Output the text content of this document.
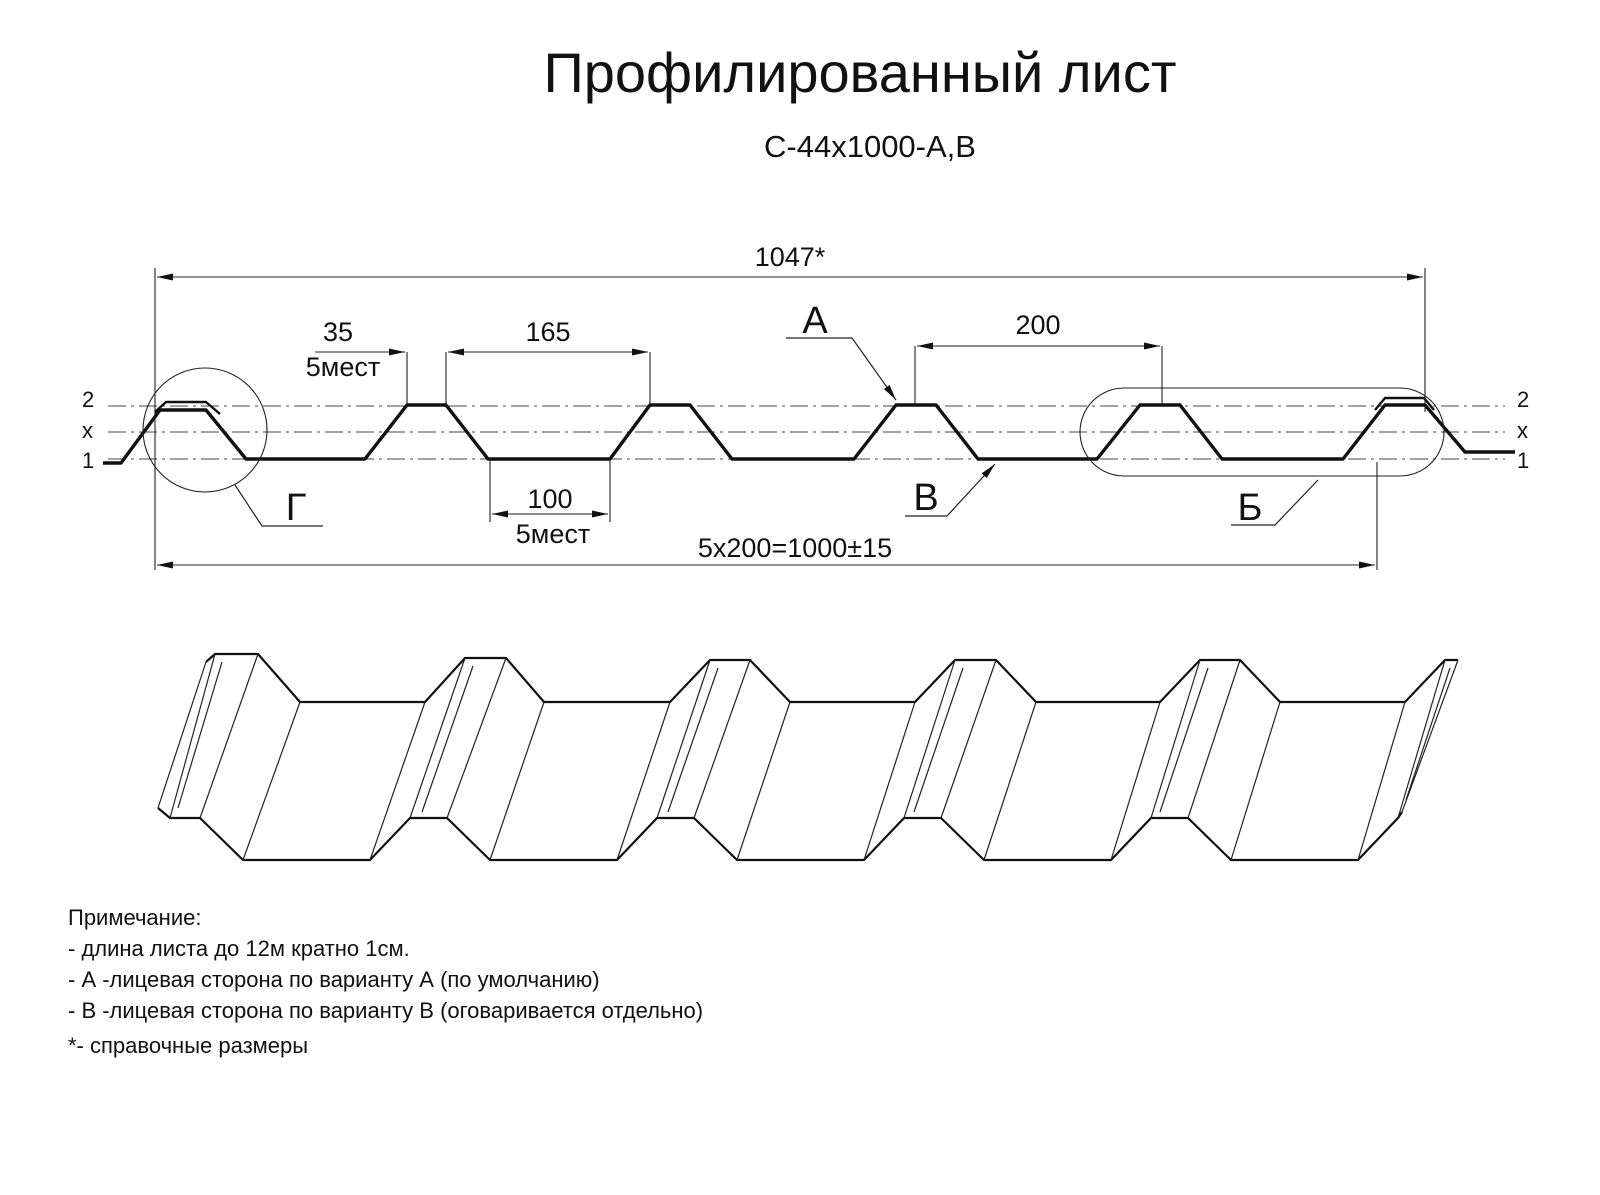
Профилированный лист
С-44х1000-А,В
2
х
1
2
х
1
1047*
35
5мест
165	200
100
5мест	5х200=1000±15
А
В	Б
Г
Примечание:
- длина листа до 12м кратно 1см.
- А -лицевая сторона по варианту А (по умолчанию)
- В -лицевая сторона по варианту В (оговаривается отдельно)
*- справочные размеры
